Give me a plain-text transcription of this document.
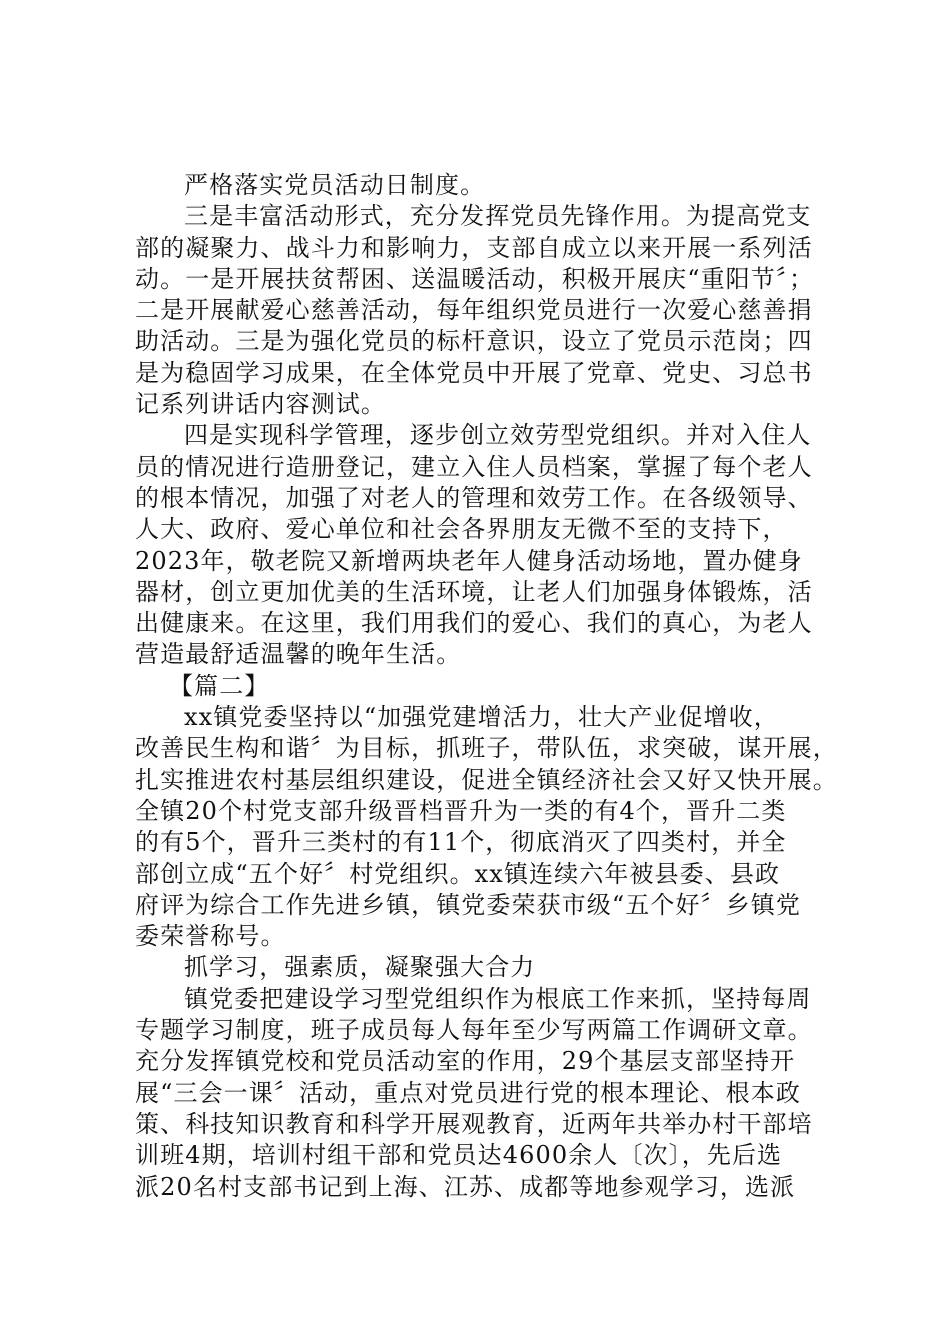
严格落实党员活动日制度。
三是丰富活动形式，充分发挥党员先锋作用。为提高党支
部的凝聚力、战斗力和影响力，支部自成立以来开展一系列活
动。一是开展扶贫帮困、送温暖活动，积极开展庆“重阳节〞；
二是开展献爱心慈善活动，每年组织党员进行一次爱心慈善捐
助活动。三是为强化党员的标杆意识，设立了党员示范岗；四
是为稳固学习成果，在全体党员中开展了党章、党史、习总书
记系列讲话内容测试。
四是实现科学管理，逐步创立效劳型党组织。并对入住人
员的情况进行造册登记，建立入住人员档案，掌握了每个老人
的根本情况，加强了对老人的管理和效劳工作。在各级领导、
人大、政府、爱心单位和社会各界朋友无微不至的支持下，
2023年，敬老院又新增两块老年人健身活动场地，置办健身
器材，创立更加优美的生活环境，让老人们加强身体锻炼，活
出健康来。在这里，我们用我们的爱心、我们的真心，为老人
营造最舒适温馨的晚年生活。
【篇二】
xx镇党委坚持以“加强党建增活力，壮大产业促增收，
改善民生构和谐〞为目标，抓班子，带队伍，求突破，谋开展，
扎实推进农村基层组织建设，促进全镇经济社会又好又快开展。
全镇20个村党支部升级晋档晋升为一类的有4个，晋升二类
的有5个，晋升三类村的有11个，彻底消灭了四类村，并全
部创立成“五个好〞村党组织。xx镇连续六年被县委、县政
府评为综合工作先进乡镇，镇党委荣获市级“五个好〞乡镇党
委荣誉称号。
抓学习，强素质，凝聚强大合力
镇党委把建设学习型党组织作为根底工作来抓，坚持每周
专题学习制度，班子成员每人每年至少写两篇工作调研文章。
充分发挥镇党校和党员活动室的作用，29个基层支部坚持开
展“三会一课〞活动，重点对党员进行党的根本理论、根本政
策、科技知识教育和科学开展观教育，近两年共举办村干部培
训班4期，培训村组干部和党员达4600余人〔次〕，先后选
派20名村支部书记到上海、江苏、成都等地参观学习，选派
